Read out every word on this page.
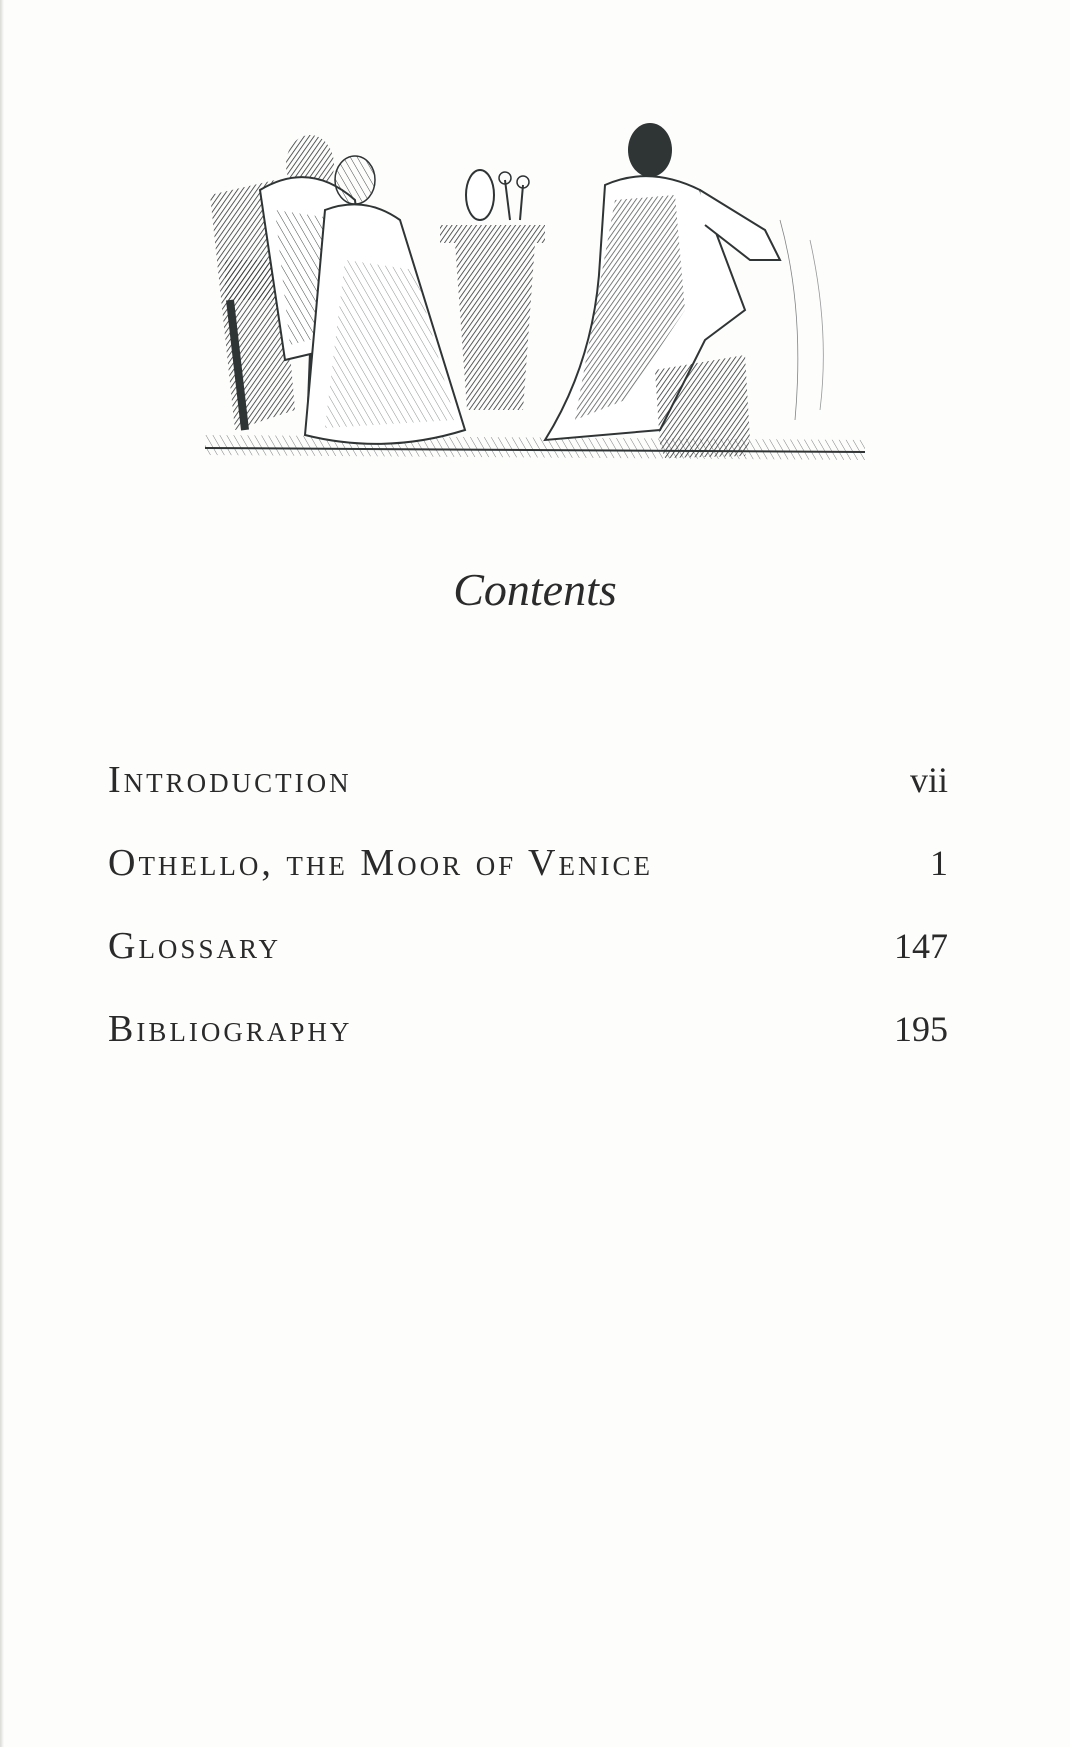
Contents
Introduction	vii
Othello, the Moor of Venice	1
Glossary	147
Bibliography	195
